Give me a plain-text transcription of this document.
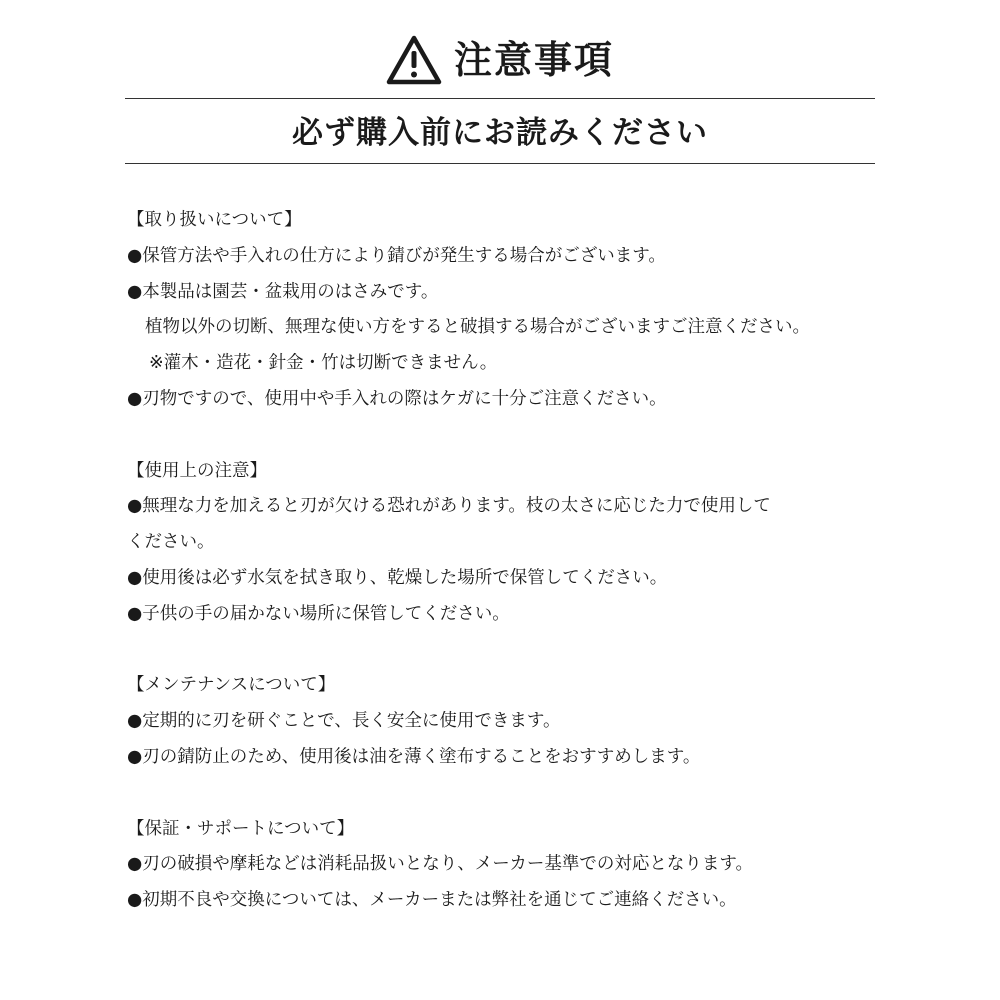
注意事項
必ず購入前にお読みください
【取り扱いについて】
●保管方法や手入れの仕方により錆びが発生する場合がございます。
●本製品は園芸・盆栽用のはさみです。
植物以外の切断、無理な使い方をすると破損する場合がございますご注意ください。
※灌木・造花・針金・竹は切断できません。
●刃物ですので、使用中や手入れの際はケガに十分ご注意ください。
【使用上の注意】
●無理な力を加えると刃が欠ける恐れがあります。枝の太さに応じた力で使用して
ください。
●使用後は必ず水気を拭き取り、乾燥した場所で保管してください。
●子供の手の届かない場所に保管してください。
【メンテナンスについて】
●定期的に刃を研ぐことで、長く安全に使用できます。
●刃の錆防止のため、使用後は油を薄く塗布することをおすすめします。
【保証・サポートについて】
●刃の破損や摩耗などは消耗品扱いとなり、メーカー基準での対応となります。
●初期不良や交換については、メーカーまたは弊社を通じてご連絡ください。
